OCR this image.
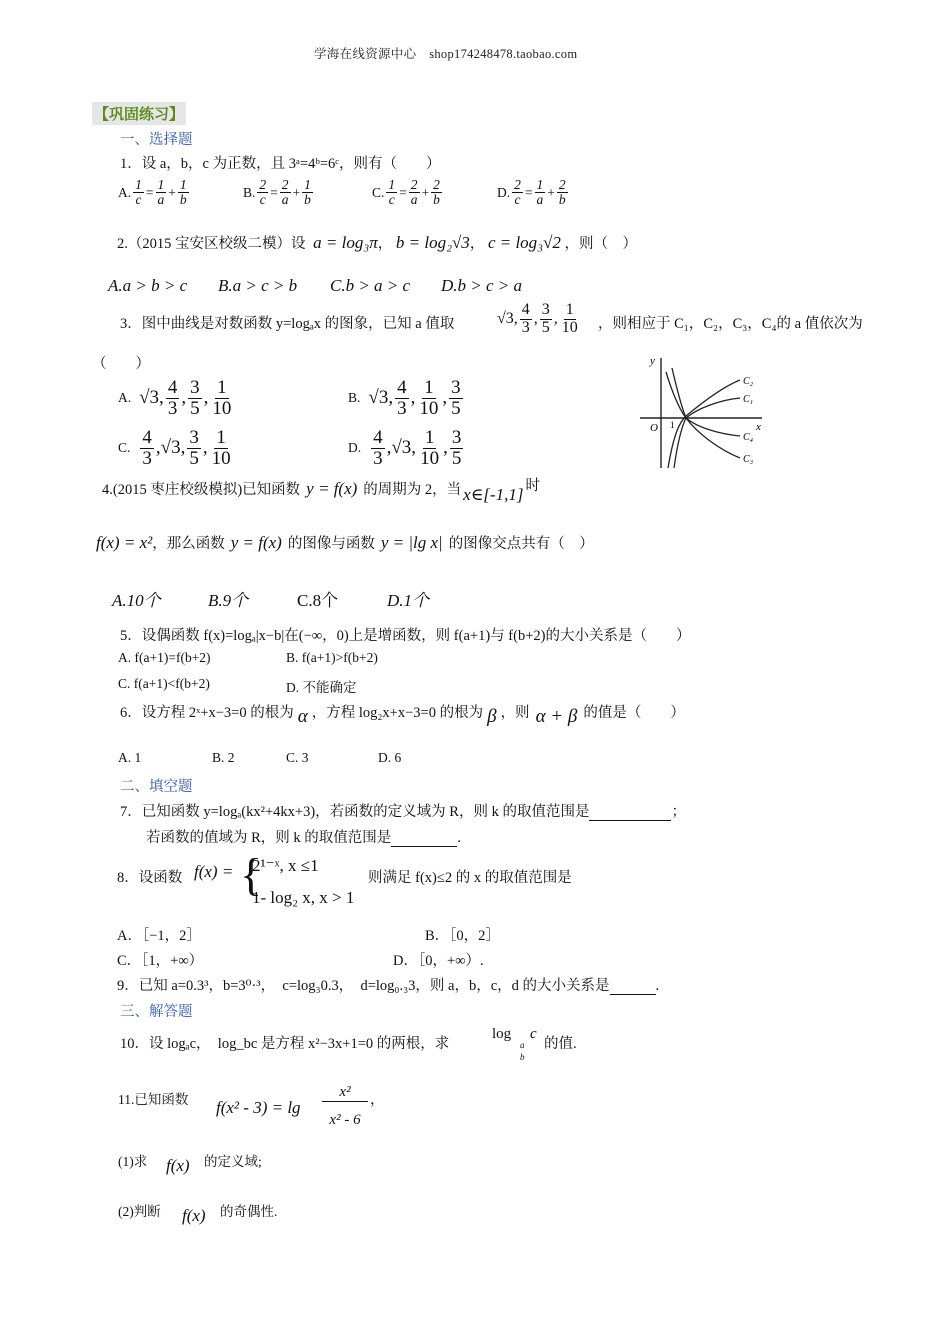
学海在线资源中心　shop174248478.taobao.com
【巩固练习】
一、选择题
1．设 a，b，c 为正数，且 3ᵃ=4ᵇ=6ᶜ，则有（　　）
A. $\frac{1}{c} = \frac{1}{a} + \frac{1}{b}$	B. $\frac{2}{c} = \frac{2}{a} + \frac{1}{b}$	C. $\frac{1}{c} = \frac{2}{a} + \frac{2}{b}$	D. $\frac{2}{c} = \frac{1}{a} + \frac{2}{b}$
2.（2015 宝安区校级二模）设 a = log₃π， b = log₂√3， c = log₃√2 ，则（　）
A.a > b > c B.a > c > b C.b > a > c D.b > c > a
3．图中曲线是对数函数 y=logₐx 的图象，已知 a 值取	√3 , $\frac{4}{3}$ , $\frac{3}{5}$ , $\frac{1}{10}$ ，则相应于 C₁，C₂，C₃，C₄的 a 值依次为
（　　）
A. √3, $\frac{4}{3}$ , $\frac{3}{5}$ , $\frac{1}{10}$	B. √3, $\frac{4}{3}$ , $\frac{1}{10}$ , $\frac{3}{5}$
C. $\frac{4}{3}$ , √3, $\frac{3}{5}$ , $\frac{1}{10}$	D. $\frac{4}{3}$ , √3, $\frac{1}{10}$ , $\frac{3}{5}$
y
x
O 1
C₂
C₁
C₄
C₃
4.(2015 枣庄校级模拟)已知函数 y = f(x) 的周期为 2，当 x∈[-1,1] 时
f(x) = x² ，那么函数 y = f(x) 的图像与函数 y = |lg x| 的图像交点共有（　）
A.10个	B.9个	C.8个	D.1个
5．设偶函数 f(x)=logₐ|x−b|在(−∞，0)上是增函数，则 f(a+1)与 f(b+2)的大小关系是（　　）
A. f(a+1)=f(b+2)	B. f(a+1)>f(b+2)
C. f(a+1)<f(b+2)	D. 不能确定
6．设方程 2ˣ+x−3=0 的根为 α ，方程 log₂x+x−3=0 的根为 β ，则 α + β 的值是（　　）
A. 1	B. 2	C. 3	D. 6
二、填空题
7．已知函数 y=logₐ(kx²+4kx+3)，若函数的定义域为 R，则 k 的取值范围是	；
若函数的值域为 R，则 k 的取值范围是	.
8．设函数 f(x) = {
2¹⁻ˣ, x ≤1
1- log₂ x, x > 1
则满足 f(x)≤2 的 x 的取值范围是
A．［−1，2］	B．［0，2］
C．［1，+∞）	D．［0，+∞）.
9．已知 a=0.3³，b=3⁰·³，　c=log₃0.3，　d=log₀.₃3，则 a，b，c，d 的大小关系是	.
三、解答题
10．设 logₐc，　log_bc 是方程 x²−3x+1=0 的两根，求
log
a
b
c
的值.
11.已知函数 f(x² - 3) = lg
x²
x² - 6
，
(1)求 f(x) 的定义域;
(2)判断 f(x) 的奇偶性.
